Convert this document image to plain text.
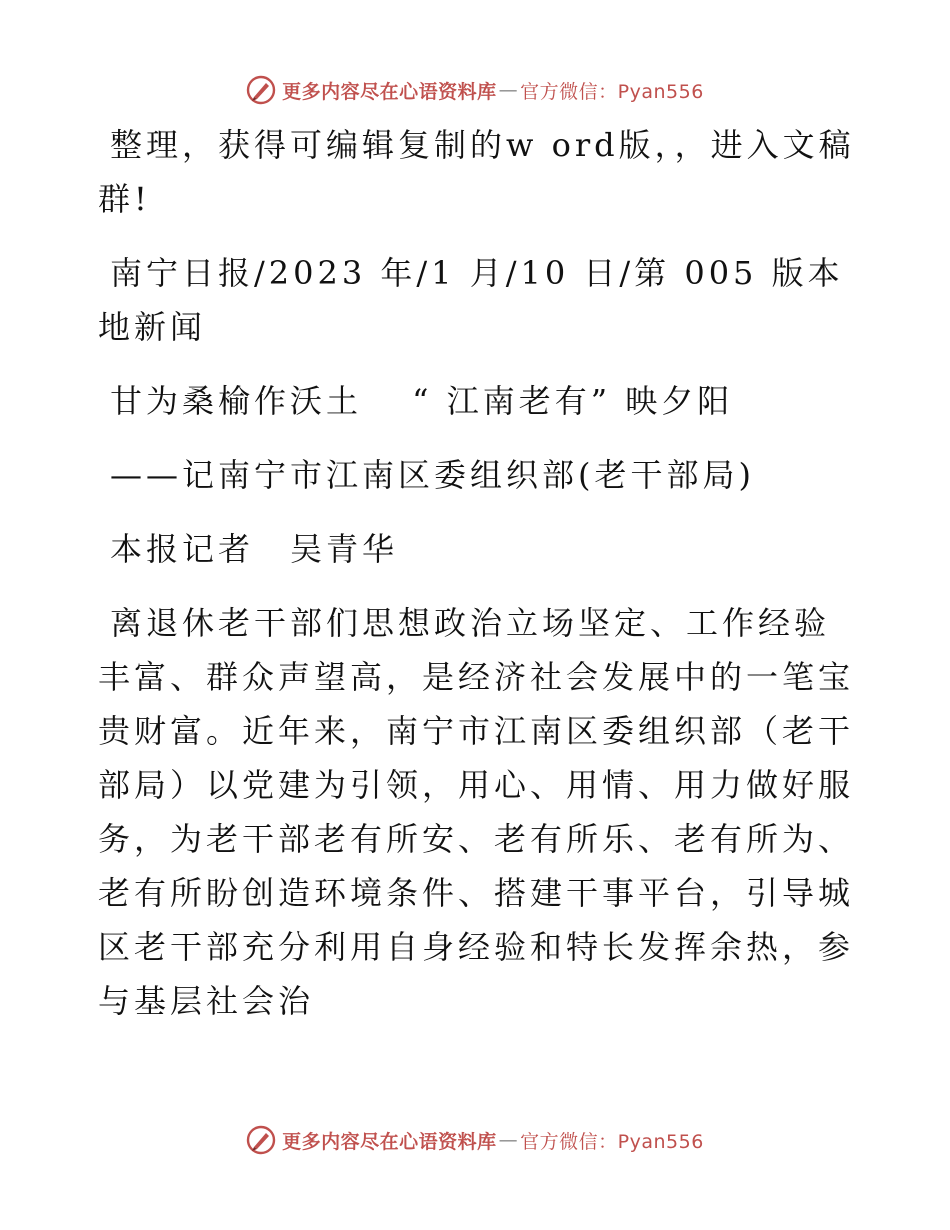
更多内容尽在心语资料库 — 官方微信：Pyan556

整理，获得可编辑复制的w ord版，，进入文稿群!

南宁日报/2023 年/1 月/10 日/第 005 版本地新闻

甘为桑榆作沃土　 “ 江南老有” 映夕阳

——记南宁市江南区委组织部(老干部局)

本报记者　吴青华

离退休老干部们思想政治立场坚定、工作经验丰富、群众声望高，是经济社会发展中的一笔宝贵财富。近年来，南宁市江南区委组织部（老干部局）以党建为引领，用心、用情、用力做好服务，为老干部老有所安、老有所乐、老有所为、老有所盼创造环境条件、搭建干事平台，引导城区老干部充分利用自身经验和特长发挥余热，参与基层社会治

更多内容尽在心语资料库 — 官方微信：Pyan556
